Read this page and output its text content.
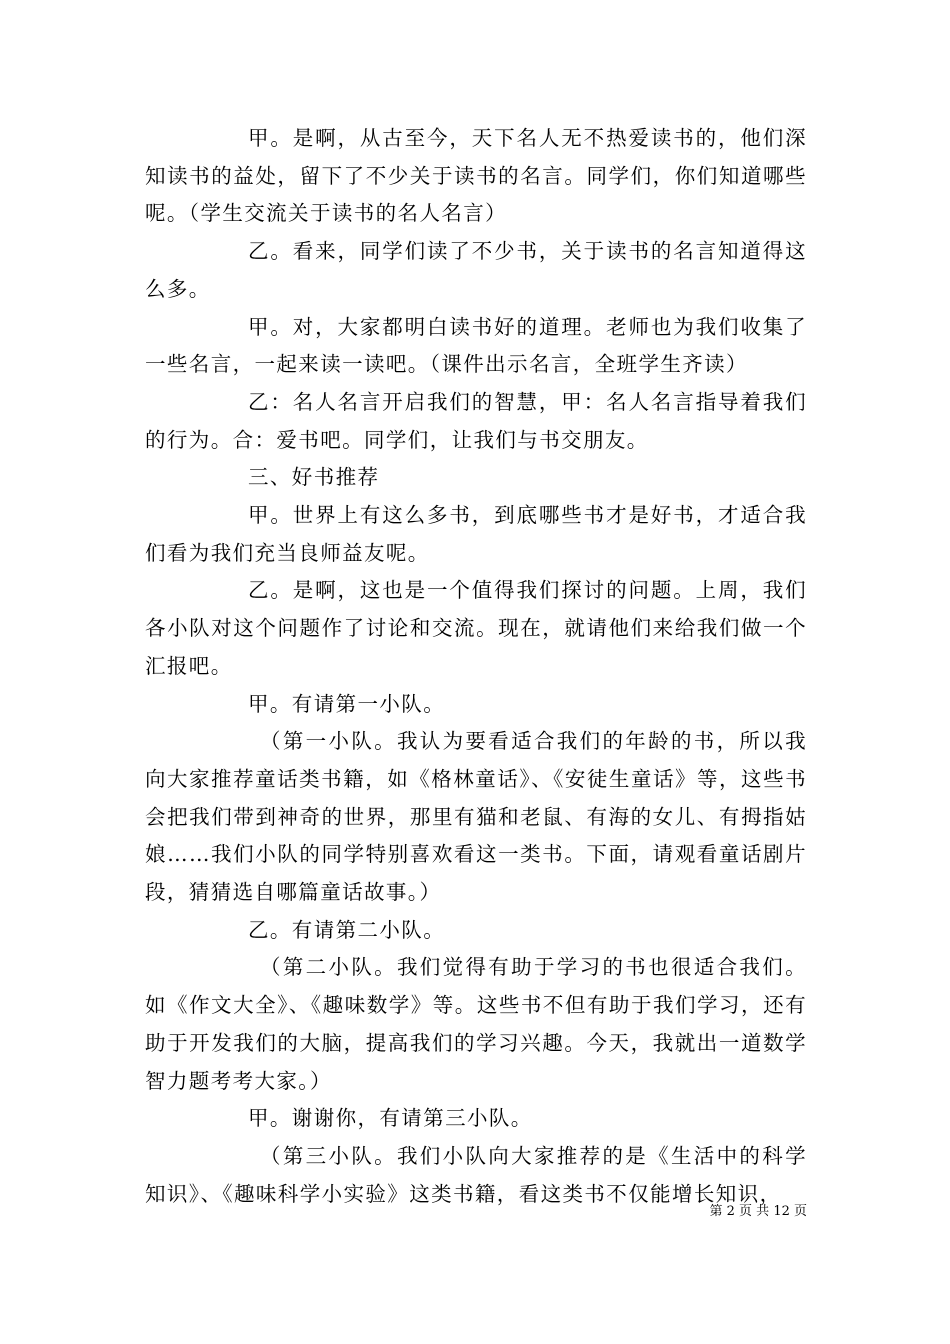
甲。是啊，从古至今，天下名人无不热爱读书的，他们深知读书的益处，留下了不少关于读书的名言。同学们，你们知道哪些呢。（学生交流关于读书的名人名言）

乙。看来，同学们读了不少书，关于读书的名言知道得这么多。

甲。对，大家都明白读书好的道理。老师也为我们收集了一些名言，一起来读一读吧。（课件出示名言，全班学生齐读）

乙：名人名言开启我们的智慧，甲：名人名言指导着我们的行为。合：爱书吧。同学们，让我们与书交朋友。

三、好书推荐

甲。世界上有这么多书，到底哪些书才是好书，才适合我们看为我们充当良师益友呢。

乙。是啊，这也是一个值得我们探讨的问题。上周，我们各小队对这个问题作了讨论和交流。现在，就请他们来给我们做一个汇报吧。

甲。有请第一小队。

（第一小队。我认为要看适合我们的年龄的书，所以我向大家推荐童话类书籍，如《格林童话》、《安徒生童话》等，这些书会把我们带到神奇的世界，那里有猫和老鼠、有海的女儿、有拇指姑娘……我们小队的同学特别喜欢看这一类书。下面，请观看童话剧片段，猜猜选自哪篇童话故事。）

乙。有请第二小队。

（第二小队。我们觉得有助于学习的书也很适合我们。如《作文大全》、《趣味数学》等。这些书不但有助于我们学习，还有助于开发我们的大脑，提高我们的学习兴趣。今天，我就出一道数学智力题考考大家。）

甲。谢谢你，有请第三小队。

（第三小队。我们小队向大家推荐的是《生活中的科学知识》、《趣味科学小实验》这类书籍，看这类书不仅能增长知识，

第 2 页 共 12 页
